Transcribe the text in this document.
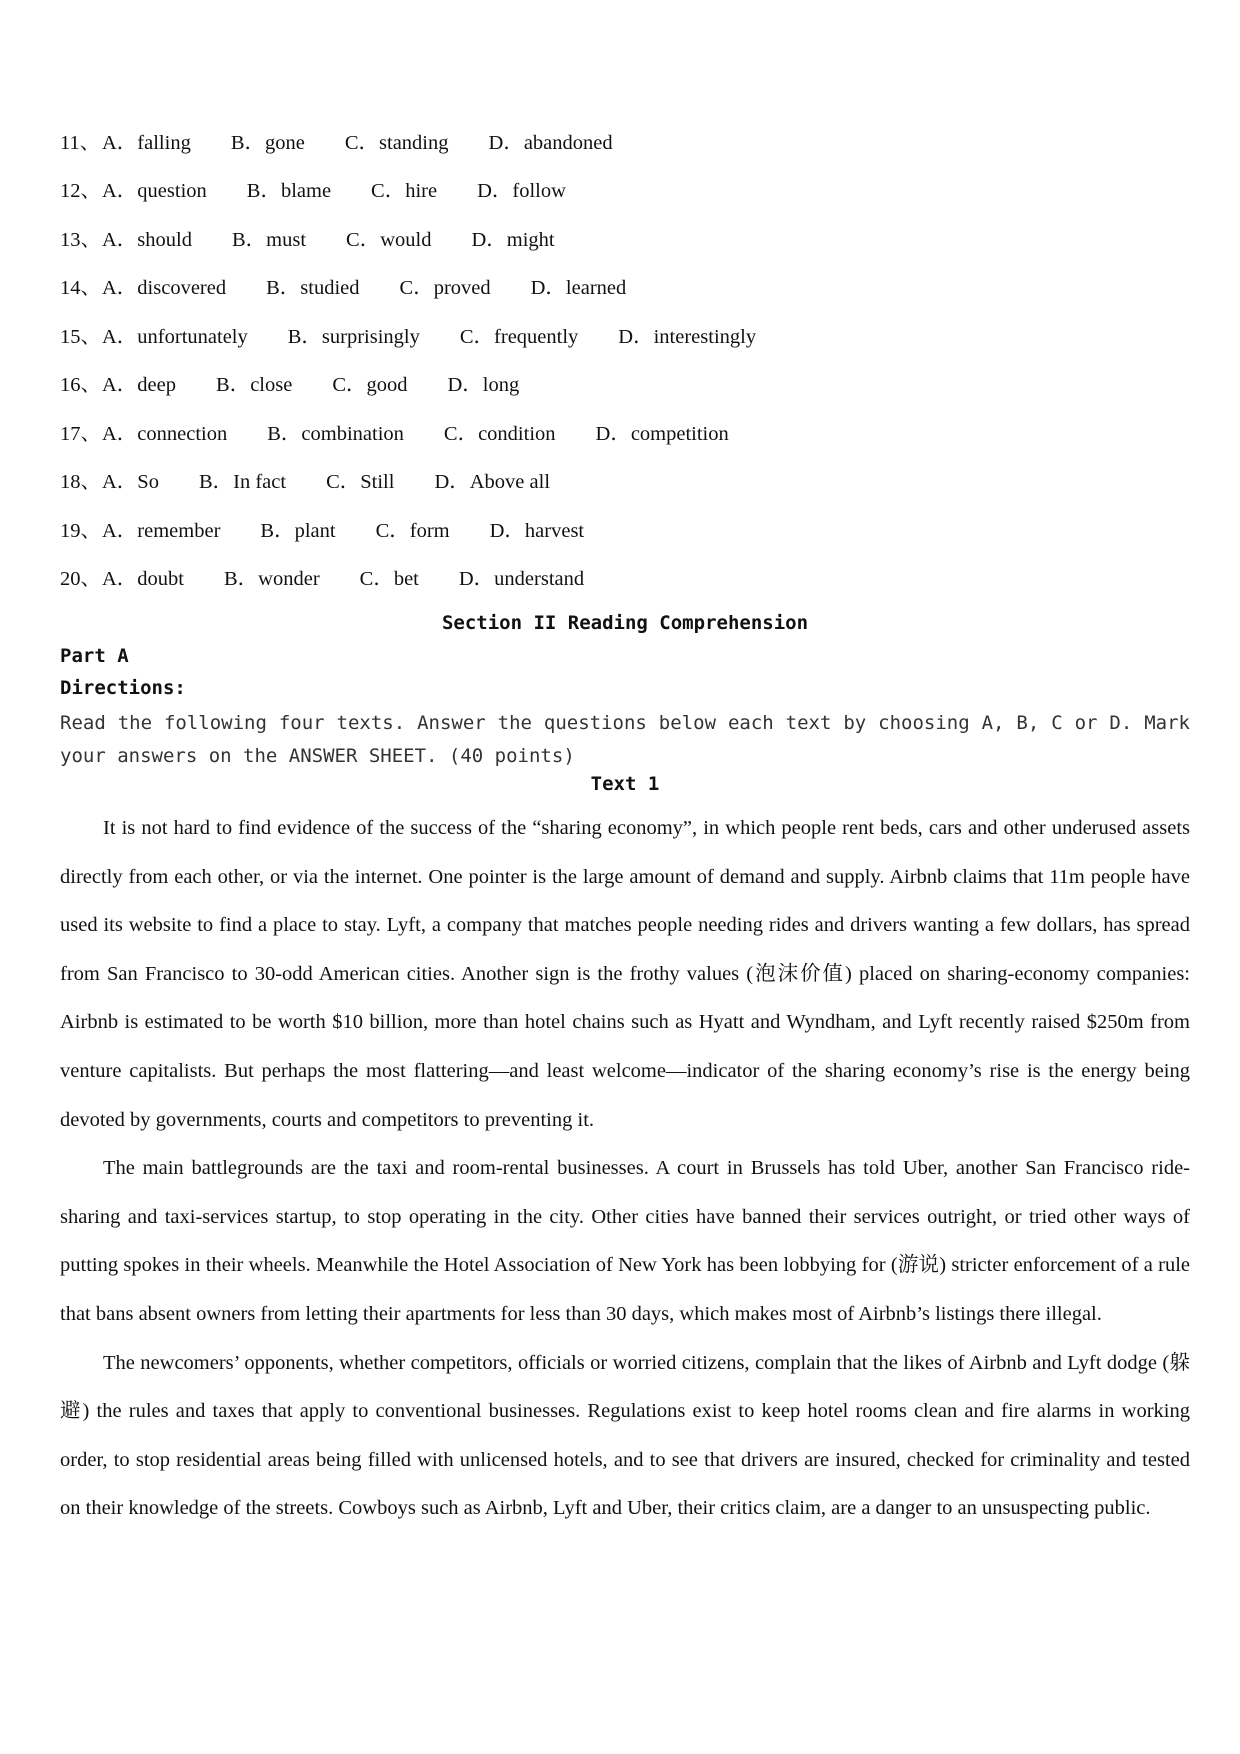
11、A．falling B．gone C．standing D．abandoned
12、A．question B．blame C．hire D．follow
13、A．should B．must C．would D．might
14、A．discovered B．studied C．proved D．learned
15、A．unfortunately B．surprisingly C．frequently D．interestingly
16、A．deep B．close C．good D．long
17、A．connection B．combination C．condition D．competition
18、A．So B．In fact C．Still D．Above all
19、A．remember B．plant C．form D．harvest
20、A．doubt B．wonder C．bet D．understand
Section II Reading Comprehension
Part A
Directions:
Read the following four texts. Answer the questions below each text by choosing A, B, C or D. Mark your answers on the ANSWER SHEET. (40 points)
Text 1

It is not hard to find evidence of the success of the “sharing economy”, in which people rent beds, cars and other underused assets directly from each other, or via the internet. One pointer is the large amount of demand and supply. Airbnb claims that 11m people have used its website to find a place to stay. Lyft, a company that matches people needing rides and drivers wanting a few dollars, has spread from San Francisco to 30-odd American cities. Another sign is the frothy values (泡沫价值) placed on sharing-economy companies: Airbnb is estimated to be worth $10 billion, more than hotel chains such as Hyatt and Wyndham, and Lyft recently raised $250m from venture capitalists. But perhaps the most flattering—and least welcome—indicator of the sharing economy’s rise is the energy being devoted by governments, courts and competitors to preventing it.

The main battlegrounds are the taxi and room-rental businesses. A court in Brussels has told Uber, another San Francisco ride-sharing and taxi-services startup, to stop operating in the city. Other cities have banned their services outright, or tried other ways of putting spokes in their wheels. Meanwhile the Hotel Association of New York has been lobbying for (游说) stricter enforcement of a rule that bans absent owners from letting their apartments for less than 30 days, which makes most of Airbnb’s listings there illegal.

The newcomers’ opponents, whether competitors, officials or worried citizens, complain that the likes of Airbnb and Lyft dodge (躲避) the rules and taxes that apply to conventional businesses. Regulations exist to keep hotel rooms clean and fire alarms in working order, to stop residential areas being filled with unlicensed hotels, and to see that drivers are insured, checked for criminality and tested on their knowledge of the streets. Cowboys such as Airbnb, Lyft and Uber, their critics claim, are a danger to an unsuspecting public.
